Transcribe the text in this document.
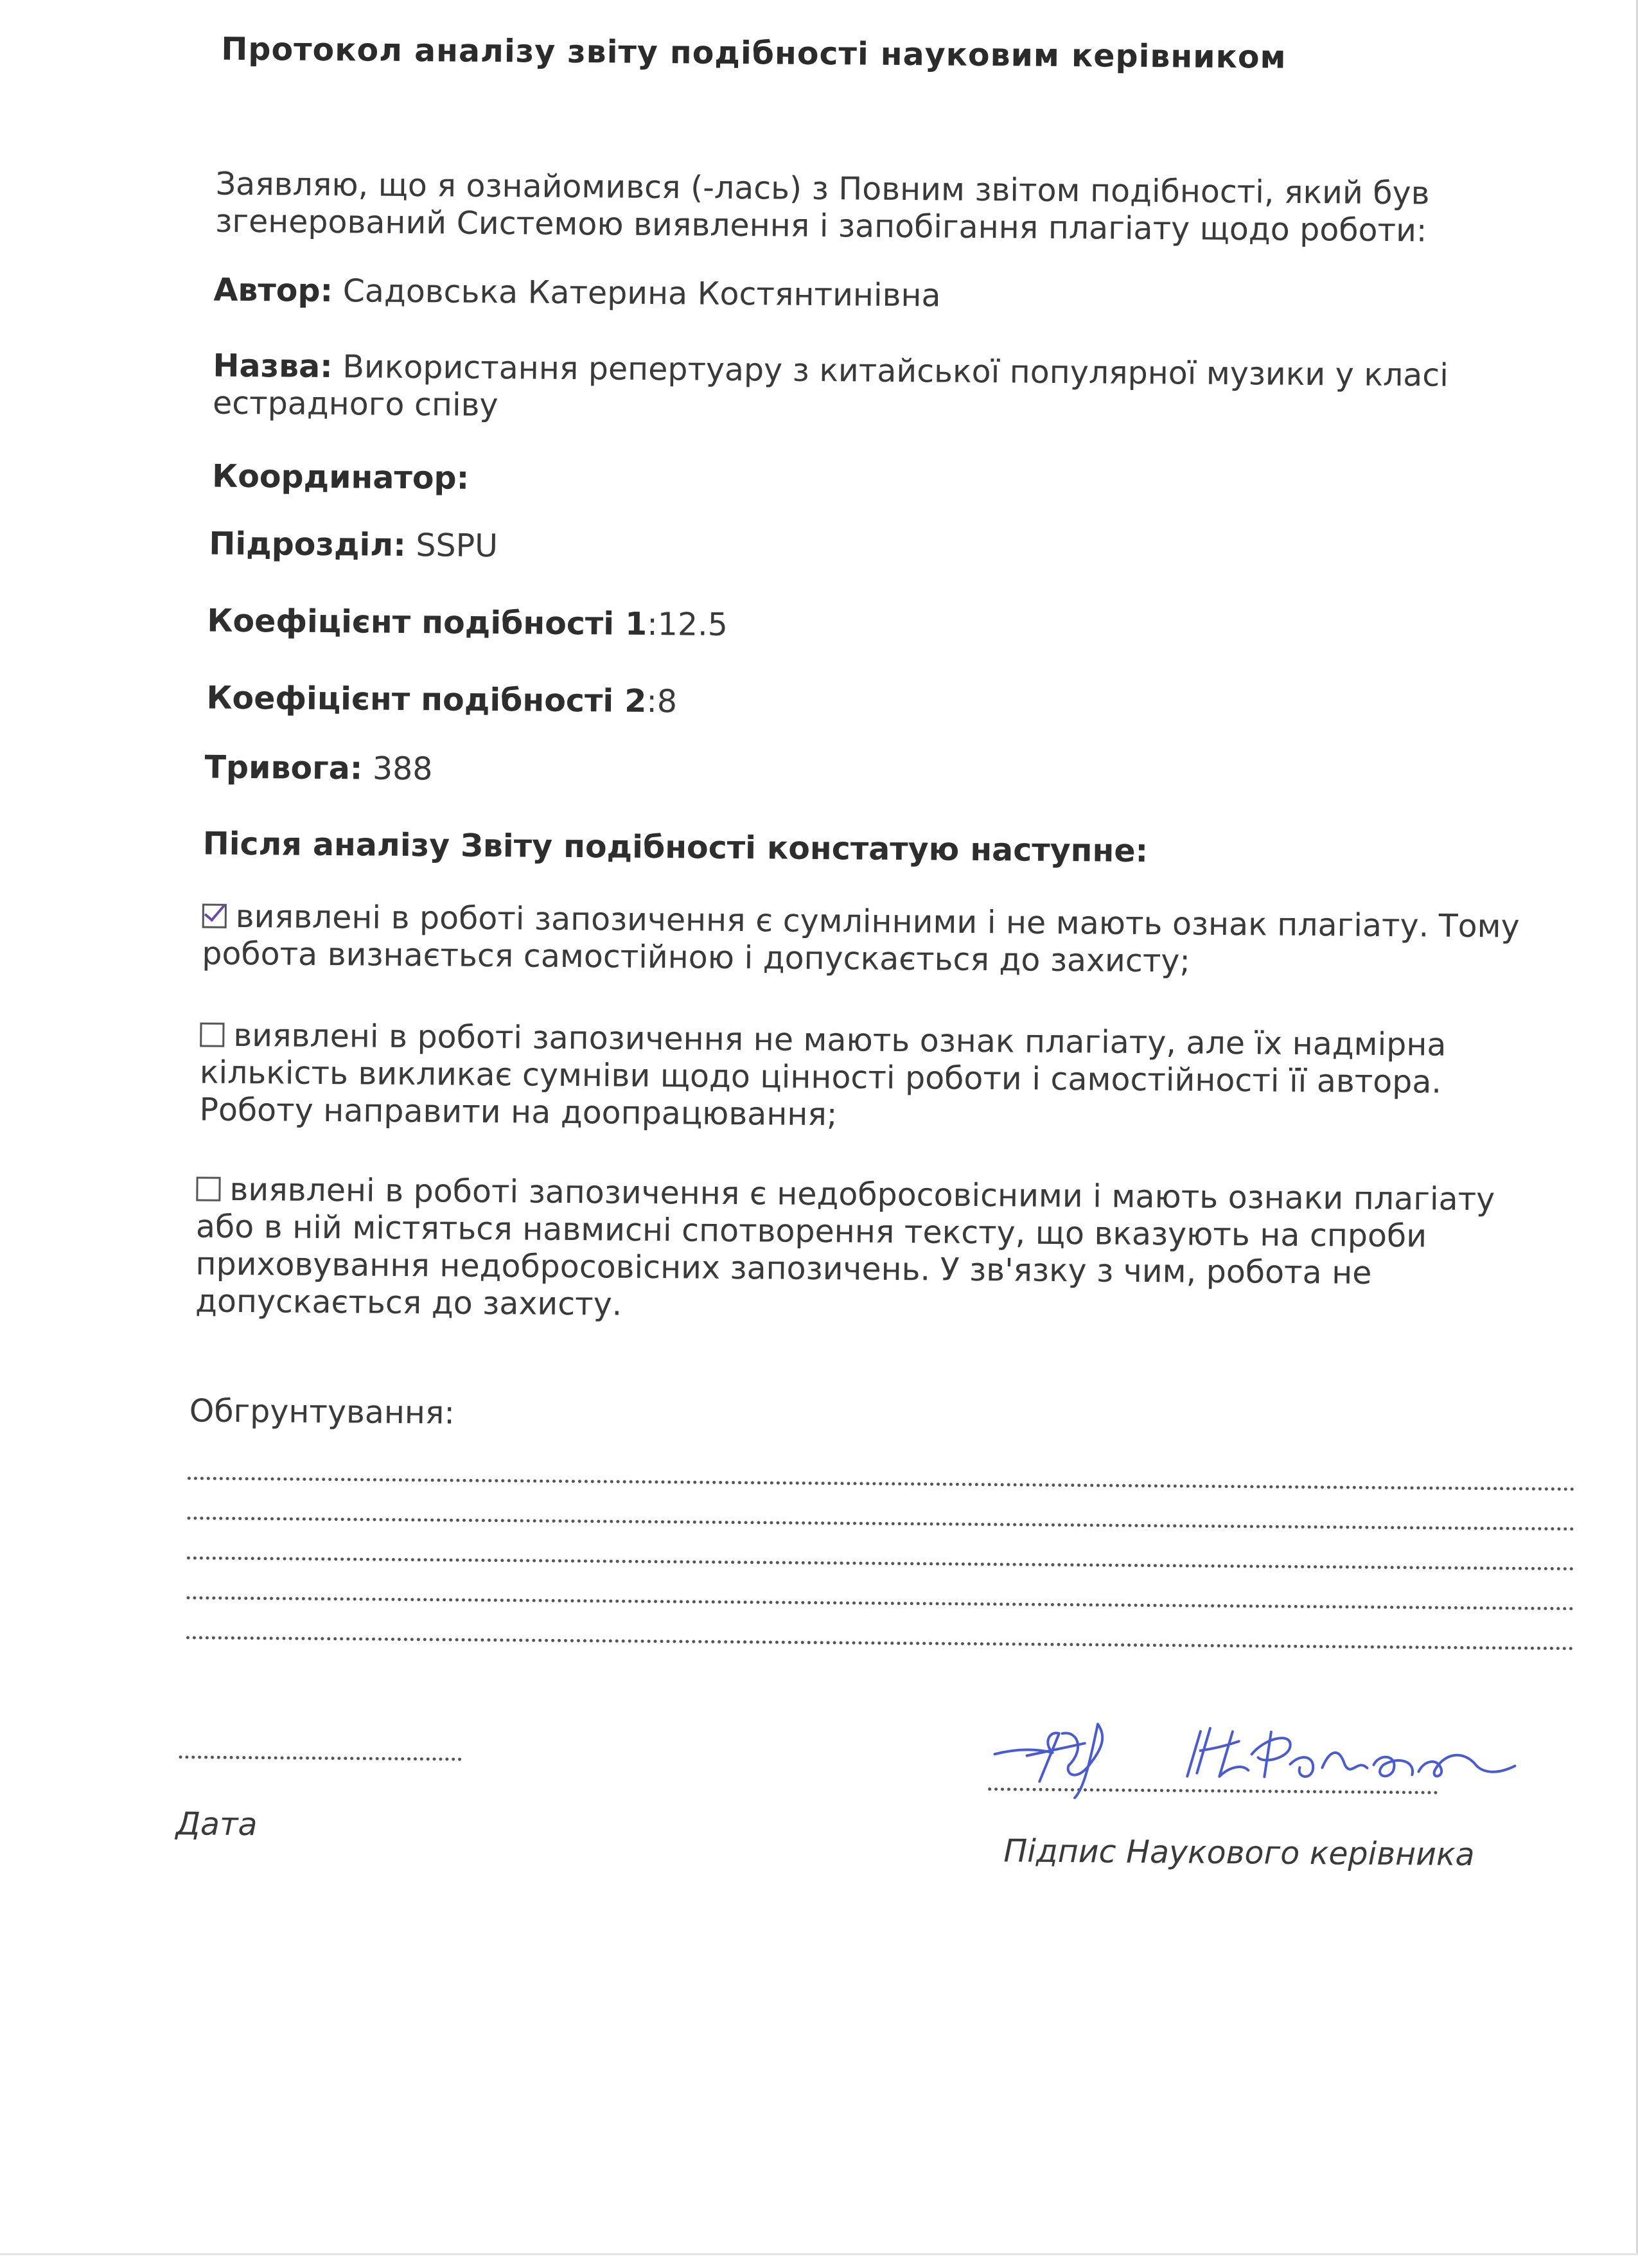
Протокол аналізу звіту подібності науковим керівником
Заявляю, що я ознайомився (-лась) з Повним звітом подібності, який був згенерований Системою виявлення і запобігання плагіату щодо роботи:
Автор: Садовська Катерина Костянтинівна
Назва: Використання репертуару з китайської популярної музики у класі естрадного співу
Координатор:
Підрозділ: SSPU
Коефіцієнт подібності 1:12.5
Коефіцієнт подібності 2:8
Тривога: 388
Після аналізу Звіту подібності констатую наступне:
виявлені в роботі запозичення є сумлінними і не мають ознак плагіату. Тому робота визнається самостійною і допускається до захисту;
виявлені в роботі запозичення не мають ознак плагіату, але їх надмірна кількість викликає сумніви щодо цінності роботи і самостійності її автора. Роботу направити на доопрацювання;
виявлені в роботі запозичення є недобросовісними і мають ознаки плагіату або в ній містяться навмисні спотворення тексту, що вказують на спроби приховування недобросовісних запозичень. У зв'язку з чим, робота не допускається до захисту.
Обгрунтування:
Дата
Підпис Наукового керівника
